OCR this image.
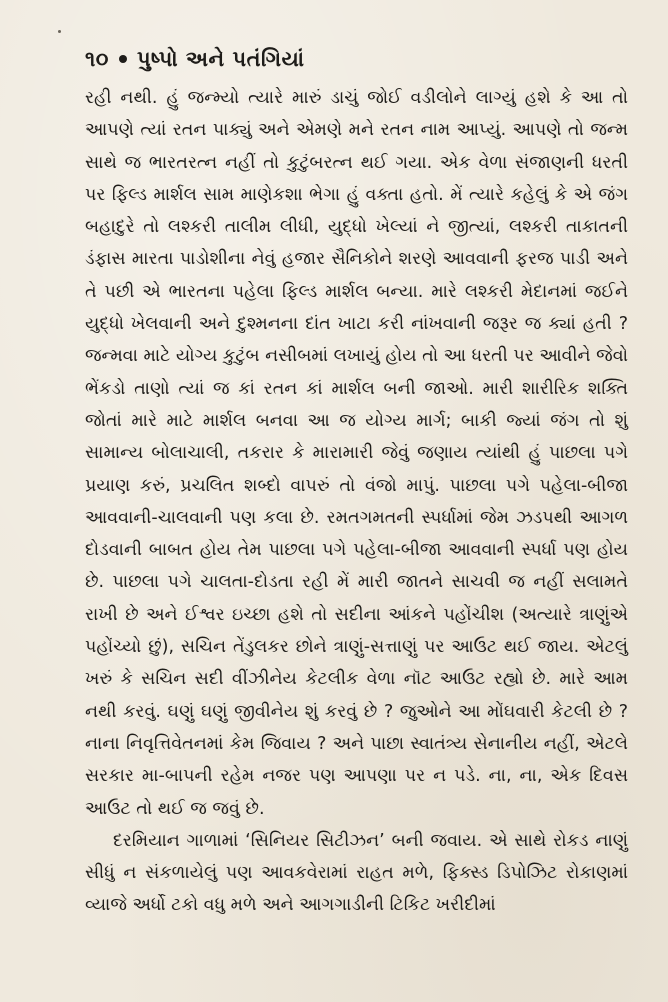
૧૦ પુષ્પો અને પતંગિયાં

રહી નથી. હું જન્મ્યો ત્યારે મારું ડાચું જોઈ વડીલોને લાગ્યું હશે કે આ તો આપણે ત્યાં રતન પાક્યું અને એમણે મને રતન નામ આપ્યું. આપણે તો જન્મ સાથે જ ભારતરત્ન નહીં તો કુટુંબરત્ન થઈ ગયા. એક વેળા સંજાણની ધરતી પર ફિલ્ડ માર્શલ સામ માણેકશા ભેગા હું વક્તા હતો. મેં ત્યારે કહેલું કે એ જંગ બહાદુરે તો લશ્કરી તાલીમ લીધી, યુદ્ધો ખેલ્યાં ને જીત્યાં, લશ્કરી તાકાતની ડંફાસ મારતા પાડોશીના નેવું હજાર સૈનિકોને શરણે આવવાની ફરજ પાડી અને તે પછી એ ભારતના પહેલા ફિલ્ડ માર્શલ બન્યા. મારે લશ્કરી મેદાનમાં જઈને યુદ્ધો ખેલવાની અને દુશ્મનના દાંત ખાટા કરી નાંખવાની જરૂર જ ક્યાં હતી ? જન્મવા માટે યોગ્ય કુટુંબ નસીબમાં લખાયું હોય તો આ ધરતી પર આવીને જેવો ભેંકડો તાણો ત્યાં જ કાં રતન કાં માર્શલ બની જાઓ. મારી શારીરિક શક્તિ જોતાં મારે માટે માર્શલ બનવા આ જ યોગ્ય માર્ગ; બાકી જ્યાં જંગ તો શું સામાન્ય બોલાચાલી, તકરાર કે મારામારી જેવું જણાય ત્યાંથી હું પાછલા પગે પ્રયાણ કરું, પ્રચલિત શબ્દો વાપરું તો વંજો માપું. પાછલા પગે પહેલા-બીજા આવવાની-ચાલવાની પણ કલા છે. રમતગમતની સ્પર્ધામાં જેમ ઝડપથી આગળ દોડવાની બાબત હોય તેમ પાછલા પગે પહેલા-બીજા આવવાની સ્પર્ધા પણ હોય છે. પાછલા પગે ચાલતા-દોડતા રહી મેં મારી જાતને સાચવી જ નહીં સલામતે રાખી છે અને ઈશ્વર ઇચ્છા હશે તો સદીના આંકને પહોંચીશ (અત્યારે ત્રાણુંએ પહોંચ્યો છું), સચિન તેંડુલકર છોને ત્રાણું-સત્તાણું પર આઉટ થઈ જાય. એટલું ખરું કે સચિન સદી વીંઝીનેય કેટલીક વેળા નૉટ આઉટ રહ્યો છે. મારે આમ નથી કરવું. ઘણું ઘણું જીવીનેય શું કરવું છે ? જુઓને આ મોંઘવારી કેટલી છે ? નાના નિવૃત્તિવેતનમાં કેમ જિવાય ? અને પાછા સ્વાતંત્ર્ય સેનાનીય નહીં, એટલે સરકાર મા-બાપની રહેમ નજર પણ આપણા પર ન પડે. ના, ના, એક દિવસ આઉટ તો થઈ જ જવું છે.

દરમિયાન ગાળામાં ‘સિનિયર સિટીઝન’ બની જવાય. એ સાથે રોકડ નાણું સીધું ન સંકળાયેલું પણ આવકવેરામાં રાહત મળે, ફિક્સ્ડ ડિપોઝિટ રોકાણમાં વ્યાજે અર્ધો ટકો વધુ મળે અને આગગાડીની ટિકિટ ખરીદીમાં
